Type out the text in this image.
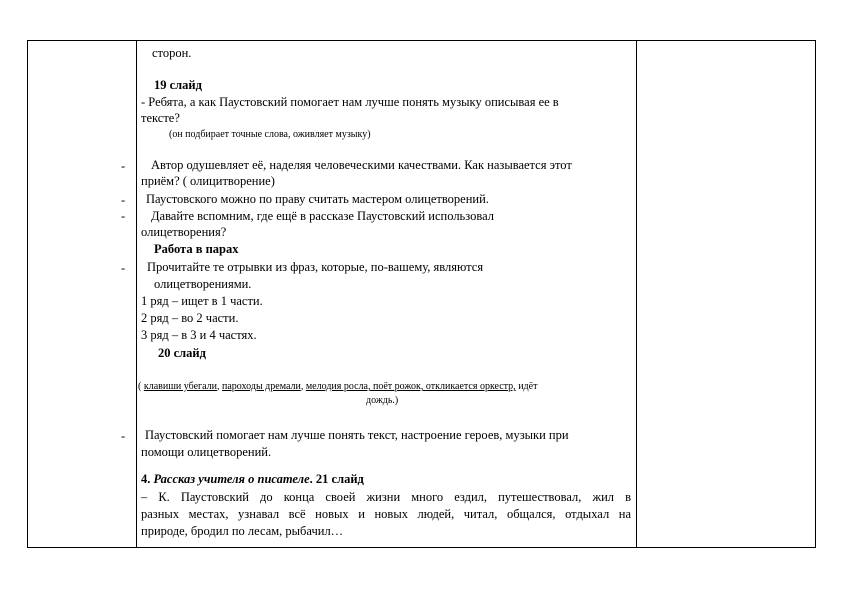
-
-
-
-
-
сторон.
19 слайд
- Ребята, а как Паустовский помогает нам лучше понять музыку описывая ее в
тексте?
(он подбирает точные слова, оживляет музыку)
Автор одушевляет её, наделяя человеческими качествами. Как называется этот
приём? ( олицитворение)
Паустовского можно по праву считать мастером олицетворений.
Давайте вспомним, где ещё в рассказе Паустовский использовал
олицетворения?
Работа в парах
Прочитайте те отрывки из фраз, которые, по-вашему, являются
олицетворениями.
1 ряд – ищет в 1 части.
2 ряд – во 2 части.
3 ряд – в 3 и 4 частях.
20 слайд
( клавиши убегали, пароходы дремали, мелодия росла, поёт рожок, откликается оркестр, идёт
дождь.)
Паустовский помогает нам лучше понять текст, настроение героев, музыки при
помощи олицетворений.
4. Рассказ учителя о писателе. 21 слайд
– К. Паустовский до конца своей жизни много ездил, путешествовал, жил в
разных местах, узнавал всё новых и новых людей, читал, общался, отдыхал на
природе, бродил по лесам, рыбачил…
